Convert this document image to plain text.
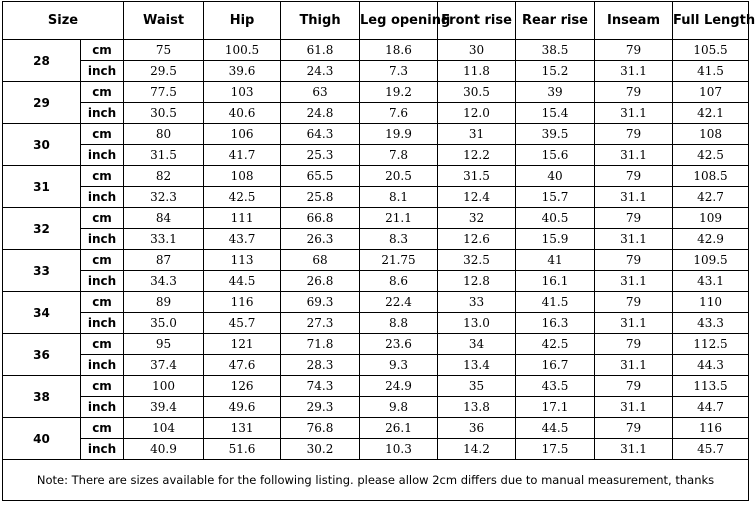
Size		Waist	Hip	Thigh	Leg opening	Front rise	Rear rise	Inseam	Full Length
28	cm	75	100.5	61.8	18.6	30	38.5	79	105.5
	inch	29.5	39.6	24.3	7.3	11.8	15.2	31.1	41.5
29	cm	77.5	103	63	19.2	30.5	39	79	107
	inch	30.5	40.6	24.8	7.6	12.0	15.4	31.1	42.1
30	cm	80	106	64.3	19.9	31	39.5	79	108
	inch	31.5	41.7	25.3	7.8	12.2	15.6	31.1	42.5
31	cm	82	108	65.5	20.5	31.5	40	79	108.5
	inch	32.3	42.5	25.8	8.1	12.4	15.7	31.1	42.7
32	cm	84	111	66.8	21.1	32	40.5	79	109
	inch	33.1	43.7	26.3	8.3	12.6	15.9	31.1	42.9
33	cm	87	113	68	21.75	32.5	41	79	109.5
	inch	34.3	44.5	26.8	8.6	12.8	16.1	31.1	43.1
34	cm	89	116	69.3	22.4	33	41.5	79	110
	inch	35.0	45.7	27.3	8.8	13.0	16.3	31.1	43.3
36	cm	95	121	71.8	23.6	34	42.5	79	112.5
	inch	37.4	47.6	28.3	9.3	13.4	16.7	31.1	44.3
38	cm	100	126	74.3	24.9	35	43.5	79	113.5
	inch	39.4	49.6	29.3	9.8	13.8	17.1	31.1	44.7
40	cm	104	131	76.8	26.1	36	44.5	79	116
	inch	40.9	51.6	30.2	10.3	14.2	17.5	31.1	45.7
Note: There are sizes available for the following listing. please allow 2cm differs due to manual measurement, thanks									
